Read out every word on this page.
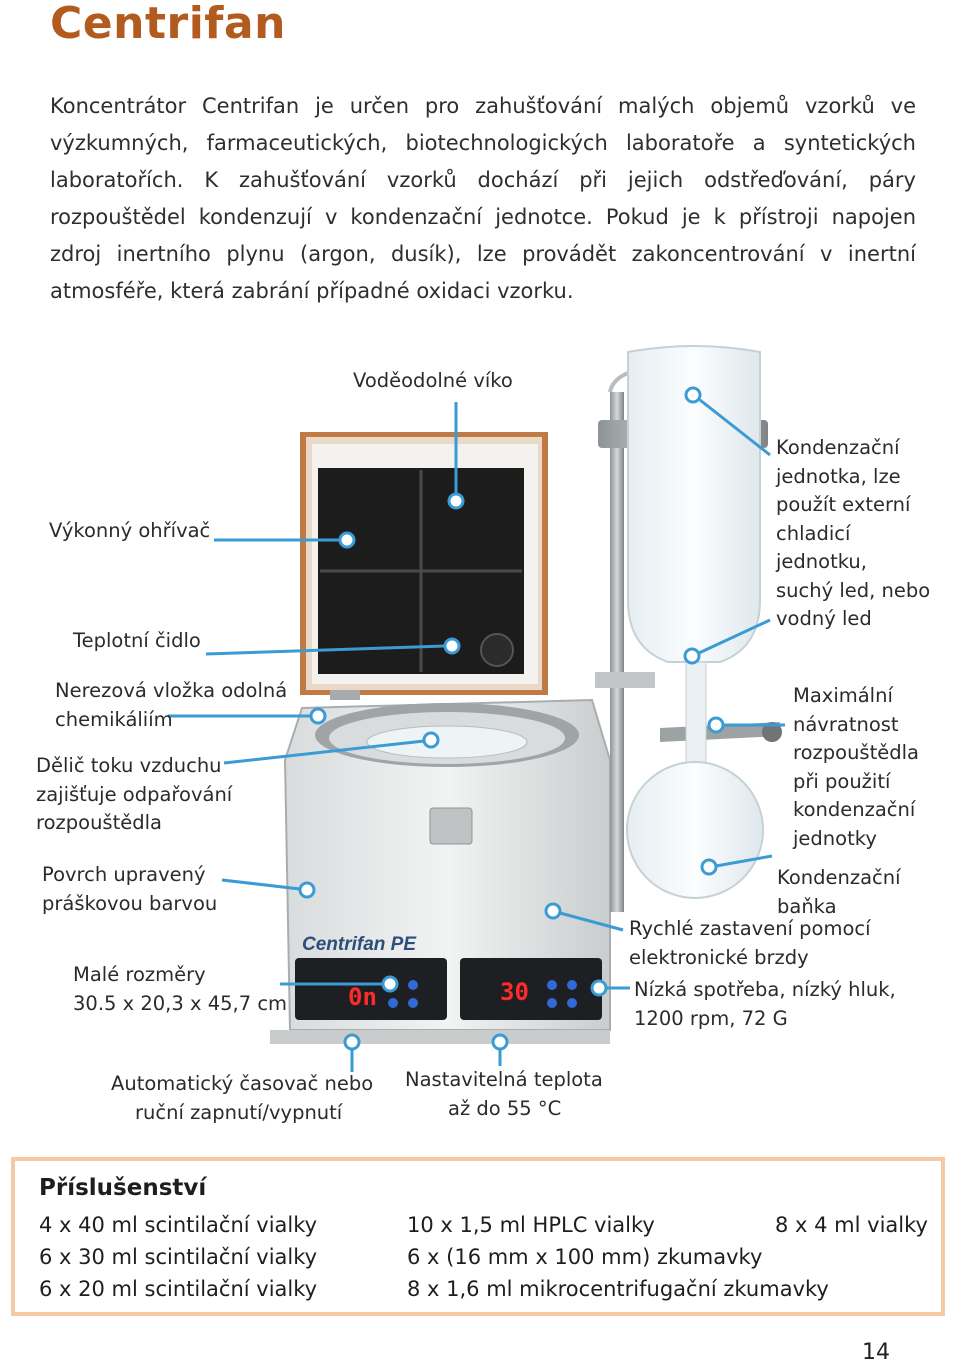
Centrifan
Koncentrátor Centrifan je určen pro zahušťování malých objemů vzorků ve výzkumných, farmaceutických, biotechnologických laboratoře a syntetických laboratořích. K zahušťování vzorků dochází při jejich odstřeďování, páry rozpouštědel kondenzují v kondenzační jednotce. Pokud je k přístroji napojen zdroj inertního plynu (argon, dusík), lze provádět zakoncentrování v inertní atmosféře, která zabrání případné oxidaci vzorku.
Centrifan PE
0n	30
Voděodolné víko
Výkonný ohřívač
Teplotní čidlo
Nerezová vložka odolná
chemikáliím
Dělič toku vzduchu
zajišťuje odpařování
rozpouštědla
Povrch upravený
práškovou barvou
Malé rozměry
30.5 x 20,3 x 45,7 cm
Kondenzační
jednotka, lze
použít externí
chladicí
jednotku,
suchý led, nebo
vodný led
Maximální
návratnost
rozpouštědla
při použití
kondenzační
jednotky
Kondenzační
baňka
Rychlé zastavení pomocí
elektronické brzdy
Nízká spotřeba, nízký hluk,
1200 rpm, 72 G
Automatický časovač nebo
ruční zapnutí/vypnutí
Nastavitelná teplota
až do 55 °C
Příslušenství
4 x 40 ml scintilační vialky
6 x 30 ml scintilační vialky
6 x 20 ml scintilační vialky
10 x 1,5 ml HPLC vialky
6 x (16 mm x 100 mm) zkumavky
8 x 1,6 ml mikrocentrifugační zkumavky
8 x 4 ml vialky
14
